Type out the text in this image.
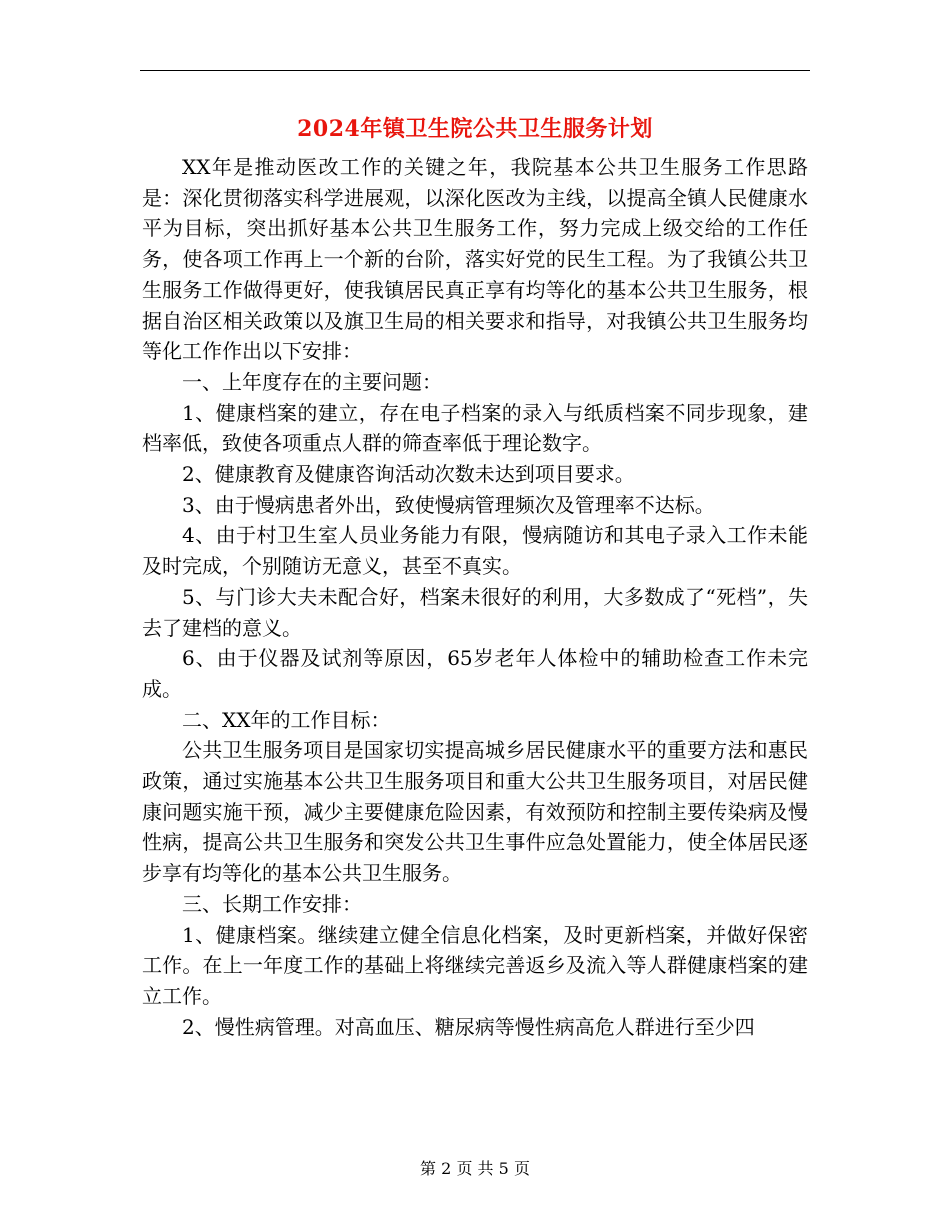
2024年镇卫生院公共卫生服务计划

XX年是推动医改工作的关键之年，我院基本公共卫生服务工作思路是：深化贯彻落实科学进展观，以深化医改为主线，以提高全镇人民健康水平为目标，突出抓好基本公共卫生服务工作，努力完成上级交给的工作任务，使各项工作再上一个新的台阶，落实好党的民生工程。为了我镇公共卫生服务工作做得更好，使我镇居民真正享有均等化的基本公共卫生服务，根据自治区相关政策以及旗卫生局的相关要求和指导，对我镇公共卫生服务均等化工作作出以下安排：

一、上年度存在的主要问题：

1、健康档案的建立，存在电子档案的录入与纸质档案不同步现象，建档率低，致使各项重点人群的筛查率低于理论数字。

2、健康教育及健康咨询活动次数未达到项目要求。

3、由于慢病患者外出，致使慢病管理频次及管理率不达标。

4、由于村卫生室人员业务能力有限，慢病随访和其电子录入工作未能及时完成，个别随访无意义，甚至不真实。

5、与门诊大夫未配合好，档案未很好的利用，大多数成了“死档”，失去了建档的意义。

6、由于仪器及试剂等原因，65岁老年人体检中的辅助检查工作未完成。

二、XX年的工作目标：

公共卫生服务项目是国家切实提高城乡居民健康水平的重要方法和惠民政策，通过实施基本公共卫生服务项目和重大公共卫生服务项目，对居民健康问题实施干预，减少主要健康危险因素，有效预防和控制主要传染病及慢性病，提高公共卫生服务和突发公共卫生事件应急处置能力，使全体居民逐步享有均等化的基本公共卫生服务。

三、长期工作安排：

1、健康档案。继续建立健全信息化档案，及时更新档案，并做好保密工作。在上一年度工作的基础上将继续完善返乡及流入等人群健康档案的建立工作。

2、慢性病管理。对高血压、糖尿病等慢性病高危人群进行至少四

第 2 页 共 5 页
